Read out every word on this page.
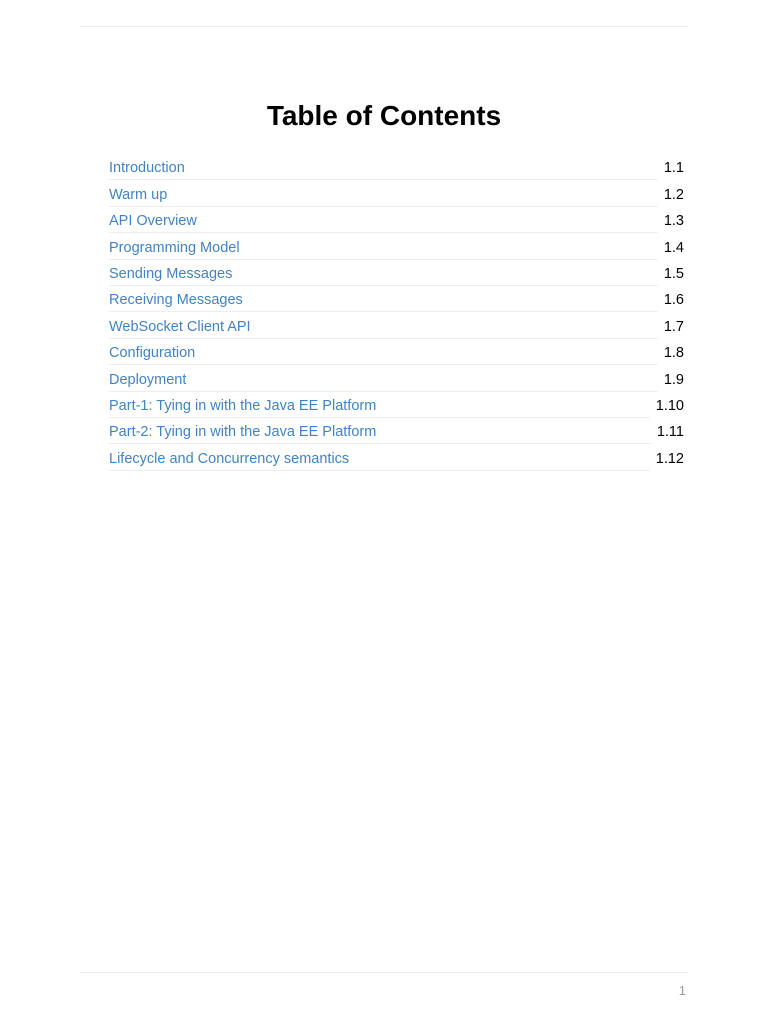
Table of Contents
Introduction	1.1
Warm up	1.2
API Overview	1.3
Programming Model	1.4
Sending Messages	1.5
Receiving Messages	1.6
WebSocket Client API	1.7
Configuration	1.8
Deployment	1.9
Part-1: Tying in with the Java EE Platform	1.10
Part-2: Tying in with the Java EE Platform	1.11
Lifecycle and Concurrency semantics	1.12
1
